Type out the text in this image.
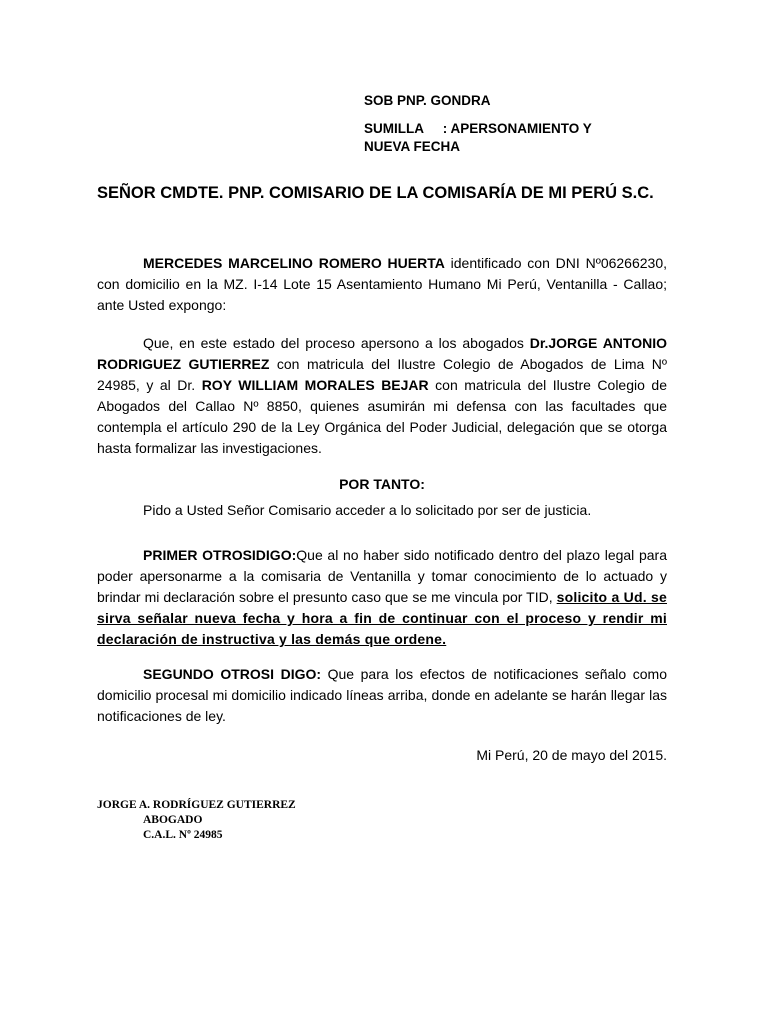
SOB PNP. GONDRA
SUMILLA : APERSONAMIENTO Y
NUEVA FECHA
SEÑOR CMDTE. PNP. COMISARIO DE LA COMISARÍA DE MI PERÚ S.C.
MERCEDES MARCELINO ROMERO HUERTA identificado con DNI Nº06266230, con domicilio en la MZ. I-14 Lote 15 Asentamiento Humano Mi Perú, Ventanilla - Callao; ante Usted expongo:
Que, en este estado del proceso apersono a los abogados Dr.JORGE ANTONIO RODRIGUEZ GUTIERREZ con matricula del Ilustre Colegio de Abogados de Lima Nº 24985, y al Dr. ROY WILLIAM MORALES BEJAR con matricula del Ilustre Colegio de Abogados del Callao Nº 8850, quienes asumirán mi defensa con las facultades que contempla el artículo 290 de la Ley Orgánica del Poder Judicial, delegación que se otorga hasta formalizar las investigaciones.
POR TANTO:
Pido a Usted Señor Comisario acceder a lo solicitado por ser de justicia.
PRIMER OTROSIDIGO:Que al no haber sido notificado dentro del plazo legal para poder apersonarme a la comisaria de Ventanilla y tomar conocimiento de lo actuado y brindar mi declaración sobre el presunto caso que se me vincula por TID, solicito a Ud. se sirva señalar nueva fecha y hora a fin de continuar con el proceso y rendir mi declaración de instructiva y las demás que ordene.
SEGUNDO OTROSI DIGO: Que para los efectos de notificaciones señalo como domicilio procesal mi domicilio indicado líneas arriba, donde en adelante se harán llegar las notificaciones de ley.
Mi Perú, 20 de mayo del 2015.
JORGE A. RODRÍGUEZ GUTIERREZ
ABOGADO
C.A.L. Nº 24985
